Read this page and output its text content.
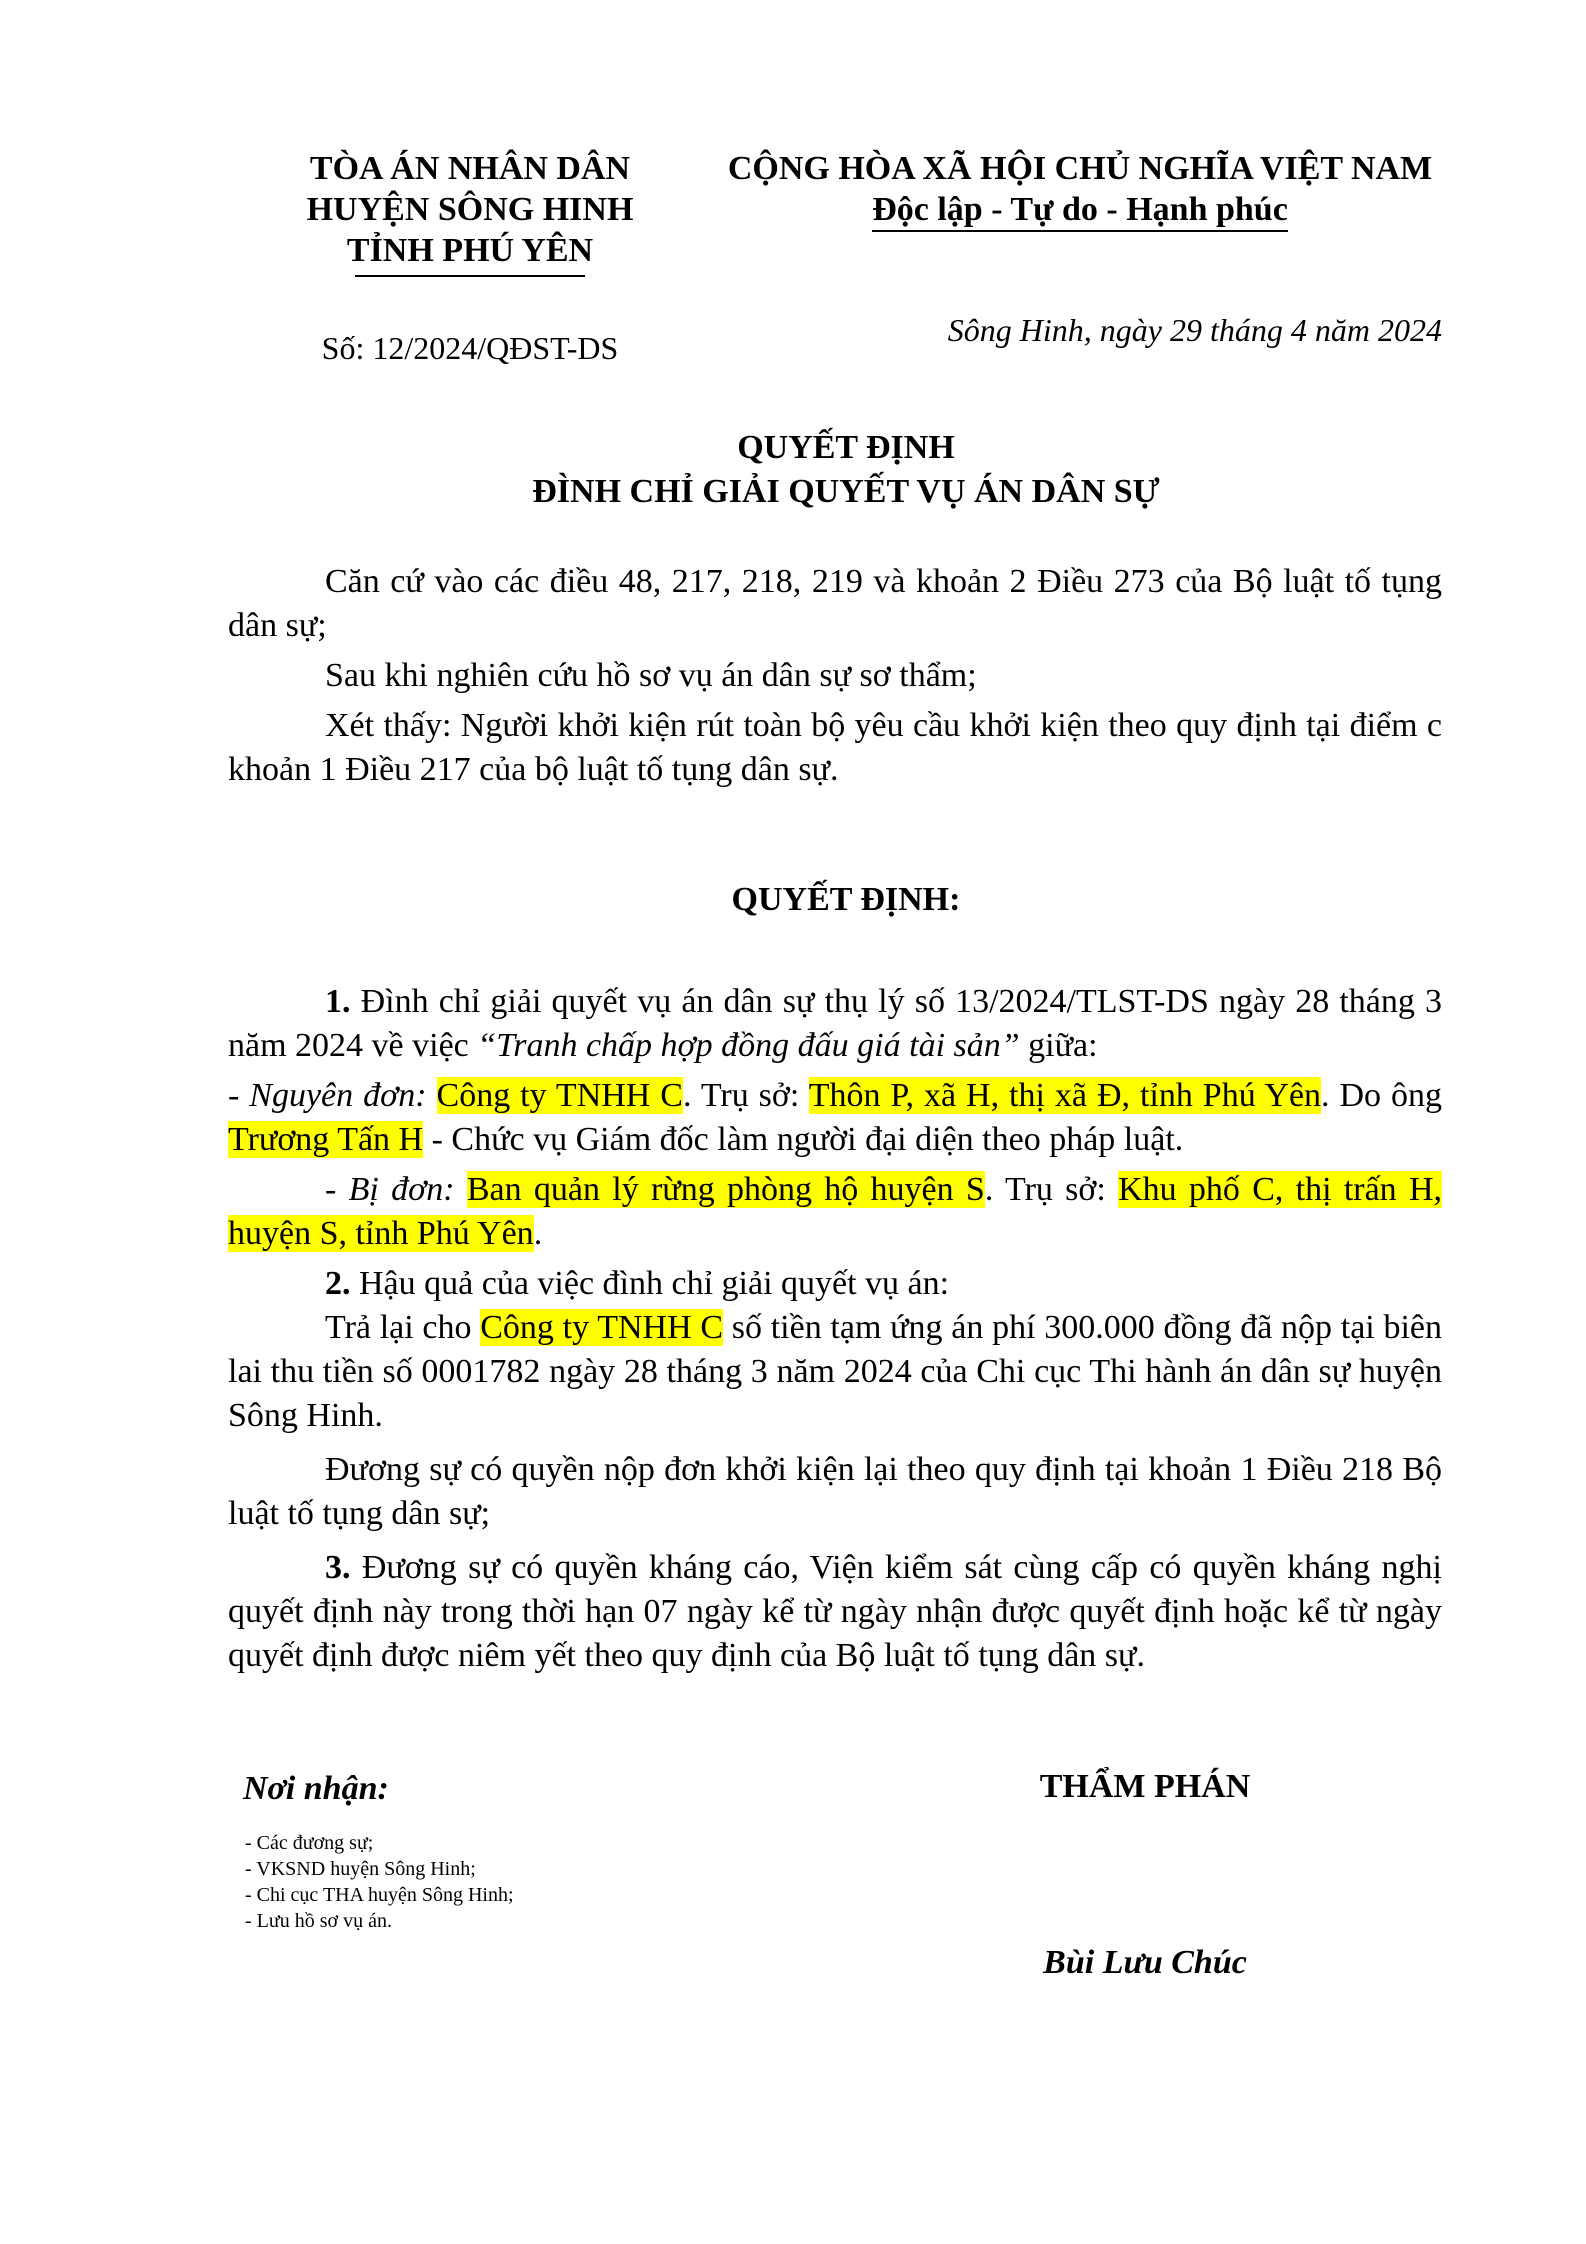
TÒA ÁN NHÂN DÂN
HUYỆN SÔNG HINH
TỈNH PHÚ YÊN
Số: 12/2024/QĐST-DS
CỘNG HÒA XÃ HỘI CHỦ NGHĨA VIỆT NAM
Độc lập - Tự do - Hạnh phúc
Sông Hinh, ngày 29 tháng 4 năm 2024
QUYẾT ĐỊNH
ĐÌNH CHỈ GIẢI QUYẾT VỤ ÁN DÂN SỰ

Căn cứ vào các điều 48, 217, 218, 219 và khoản 2 Điều 273 của Bộ luật tố tụng dân sự;

Sau khi nghiên cứu hồ sơ vụ án dân sự sơ thẩm;

Xét thấy: Người khởi kiện rút toàn bộ yêu cầu khởi kiện theo quy định tại điểm c khoản 1 Điều 217 của bộ luật tố tụng dân sự.

QUYẾT ĐỊNH:

1. Đình chỉ giải quyết vụ án dân sự thụ lý số 13/2024/TLST-DS ngày 28 tháng 3 năm 2024 về việc “Tranh chấp hợp đồng đấu giá tài sản” giữa:

- Nguyên đơn: Công ty TNHH C. Trụ sở: Thôn P, xã H, thị xã Đ, tỉnh Phú Yên. Do ông Trương Tấn H - Chức vụ Giám đốc làm người đại diện theo pháp luật.

- Bị đơn: Ban quản lý rừng phòng hộ huyện S. Trụ sở: Khu phố C, thị trấn H, huyện S, tỉnh Phú Yên.

2. Hậu quả của việc đình chỉ giải quyết vụ án:

Trả lại cho Công ty TNHH C số tiền tạm ứng án phí 300.000 đồng đã nộp tại biên lai thu tiền số 0001782 ngày 28 tháng 3 năm 2024 của Chi cục Thi hành án dân sự huyện Sông Hinh.

Đương sự có quyền nộp đơn khởi kiện lại theo quy định tại khoản 1 Điều 218 Bộ luật tố tụng dân sự;

3. Đương sự có quyền kháng cáo, Viện kiểm sát cùng cấp có quyền kháng nghị quyết định này trong thời hạn 07 ngày kể từ ngày nhận được quyết định hoặc kể từ ngày quyết định được niêm yết theo quy định của Bộ luật tố tụng dân sự.

Nơi nhận:
- Các đương sự;
- VKSND huyện Sông Hinh;
- Chi cục THA huyện Sông Hinh;
- Lưu hồ sơ vụ án.
THẨM PHÁN
Bùi Lưu Chúc
